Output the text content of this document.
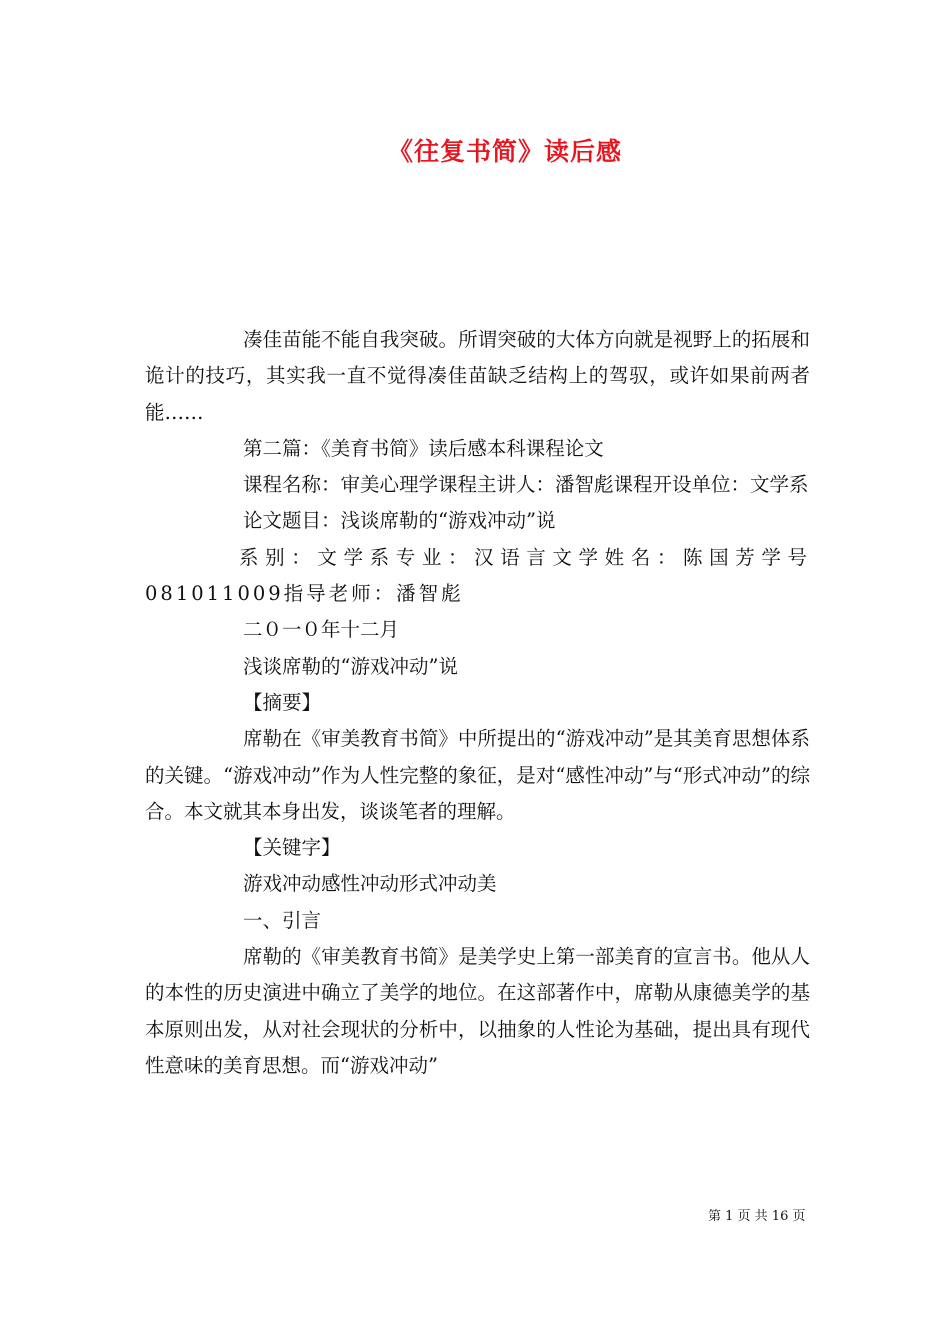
《往复书简》读后感

凑佳苗能不能自我突破。所谓突破的大体方向就是视野上的拓展和诡计的技巧，其实我一直不觉得凑佳苗缺乏结构上的驾驭，或许如果前两者能……

第二篇：《美育书简》读后感本科课程论文

课程名称：审美心理学课程主讲人：潘智彪课程开设单位：文学系

论文题目：浅谈席勒的“游戏冲动”说

系别：文学系专业：汉语言文学姓名：陈国芳学号081011009指导老师：潘智彪

二０一０年十二月

浅谈席勒的“游戏冲动”说

【摘要】

席勒在《审美教育书简》中所提出的“游戏冲动”是其美育思想体系的关键。“游戏冲动”作为人性完整的象征，是对“感性冲动”与“形式冲动”的综合。本文就其本身出发，谈谈笔者的理解。

【关键字】

游戏冲动感性冲动形式冲动美

一、引言

席勒的《审美教育书简》是美学史上第一部美育的宣言书。他从人的本性的历史演进中确立了美学的地位。在这部著作中，席勒从康德美学的基本原则出发，从对社会现状的分析中，以抽象的人性论为基础，提出具有现代性意味的美育思想。而“游戏冲动”

第 1 页 共 16 页
